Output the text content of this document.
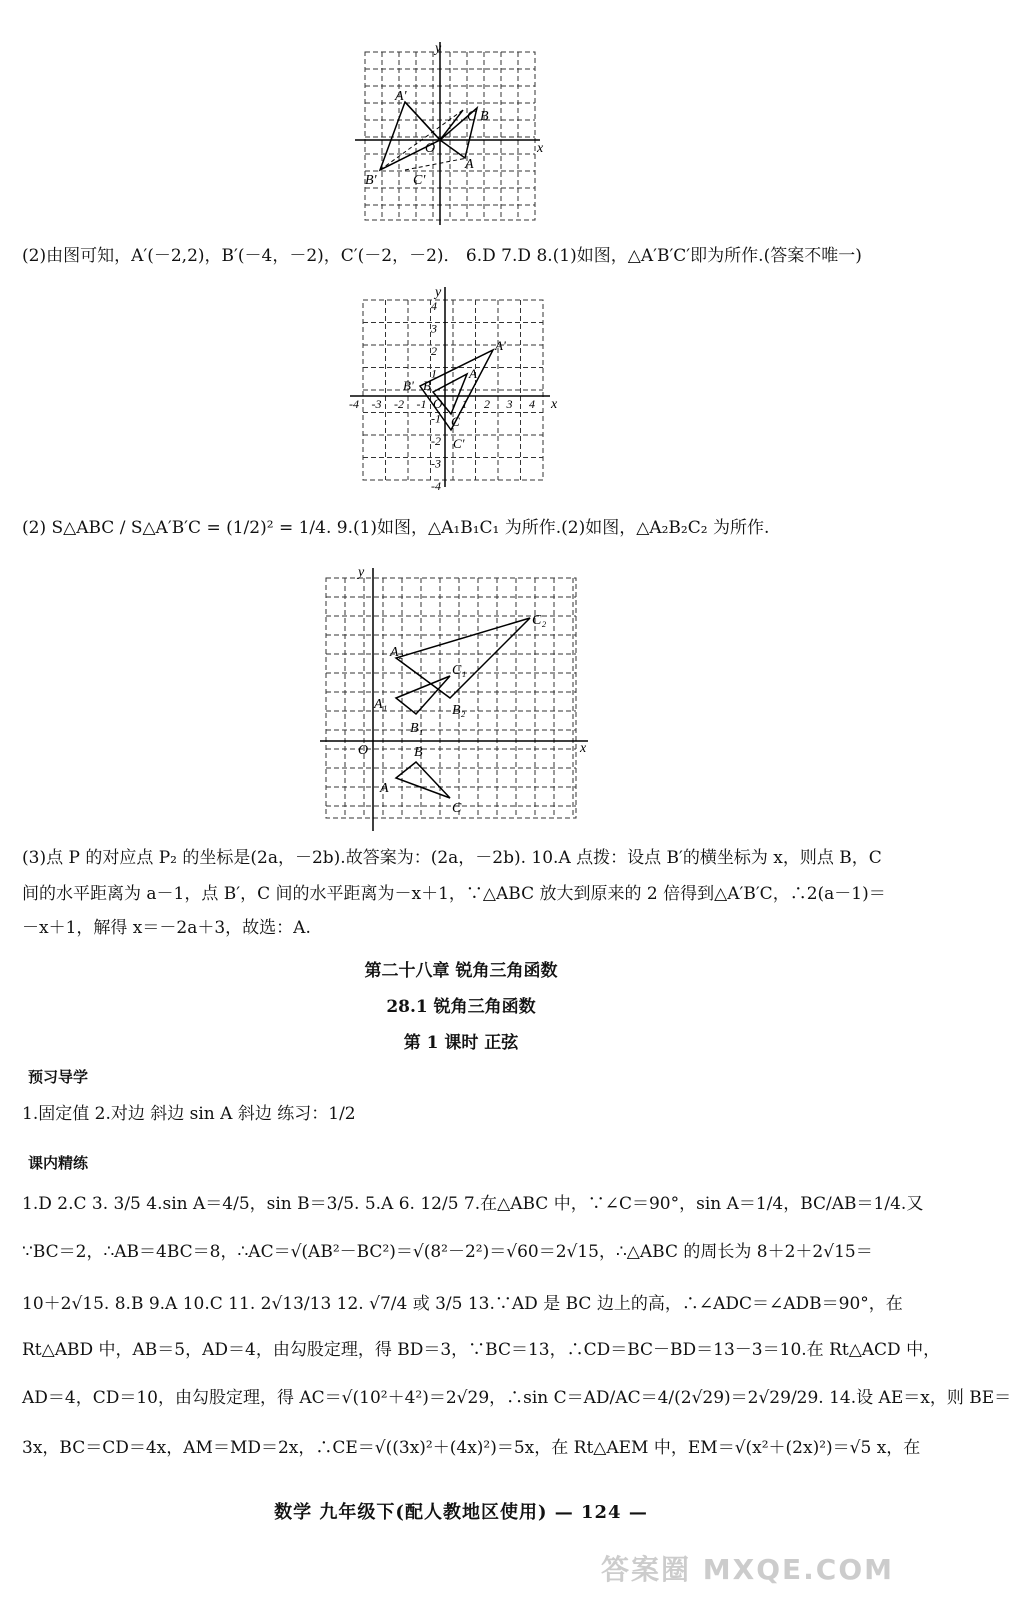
A'
B'	C'
C B
A
O	x
y
(2)由图可知，A′(－2,2)，B′(－4，－2)，C′(－2，－2)． 6.D 7.D 8.(1)如图，△A′B′C′即为所作.(答案不唯一)
B'
A'
C'
A
B
C
O
-4 -3 -2 -1	1 2 3 4
4
3
2
1
-1
-2
-3
-4
x
y
(2) S△ABC / S△A′B′C = (1/2)² = 1/4. 9.(1)如图，△A₁B₁C₁ 为所作.(2)如图，△A₂B₂C₂ 为所作.
A
B
C
A₁
B₁
C₁
A₂
B₂
C₂
O	x
y
(3)点 P 的对应点 P₂ 的坐标是(2a，－2b).故答案为：(2a，－2b). 10.A 点拨：设点 B′的横坐标为 x，则点 B，C
间的水平距离为 a－1，点 B′，C 间的水平距离为－x＋1，∵△ABC 放大到原来的 2 倍得到△A′B′C，∴2(a－1)＝
－x＋1，解得 x＝－2a＋3，故选：A.
第二十八章 锐角三角函数
28.1 锐角三角函数
第 1 课时 正弦
预习导学
1.固定值 2.对边 斜边 sin A 斜边 练习：1/2
课内精练
1.D 2.C 3. 3/5 4.sin A＝4/5，sin B＝3/5. 5.A 6. 12/5 7.在△ABC 中，∵∠C＝90°，sin A＝1/4，BC/AB＝1/4.又
∵BC＝2，∴AB＝4BC＝8，∴AC＝√(AB²－BC²)＝√(8²－2²)＝√60＝2√15，∴△ABC 的周长为 8＋2＋2√15＝
10＋2√15. 8.B 9.A 10.C 11. 2√13/13 12. √7/4 或 3/5 13.∵AD 是 BC 边上的高，∴∠ADC＝∠ADB＝90°，在
Rt△ABD 中，AB＝5，AD＝4，由勾股定理，得 BD＝3，∵BC＝13，∴CD＝BC－BD＝13－3＝10.在 Rt△ACD 中，
AD＝4，CD＝10，由勾股定理，得 AC＝√(10²＋4²)＝2√29，∴sin C＝AD/AC＝4/(2√29)＝2√29/29. 14.设 AE＝x，则 BE＝
3x，BC＝CD＝4x，AM＝MD＝2x，∴CE＝√((3x)²＋(4x)²)＝5x，在 Rt△AEM 中，EM＝√(x²＋(2x)²)＝√5 x，在
数学 九年级下(配人教地区使用) — 124 —
答案圈 MXQE.COM
